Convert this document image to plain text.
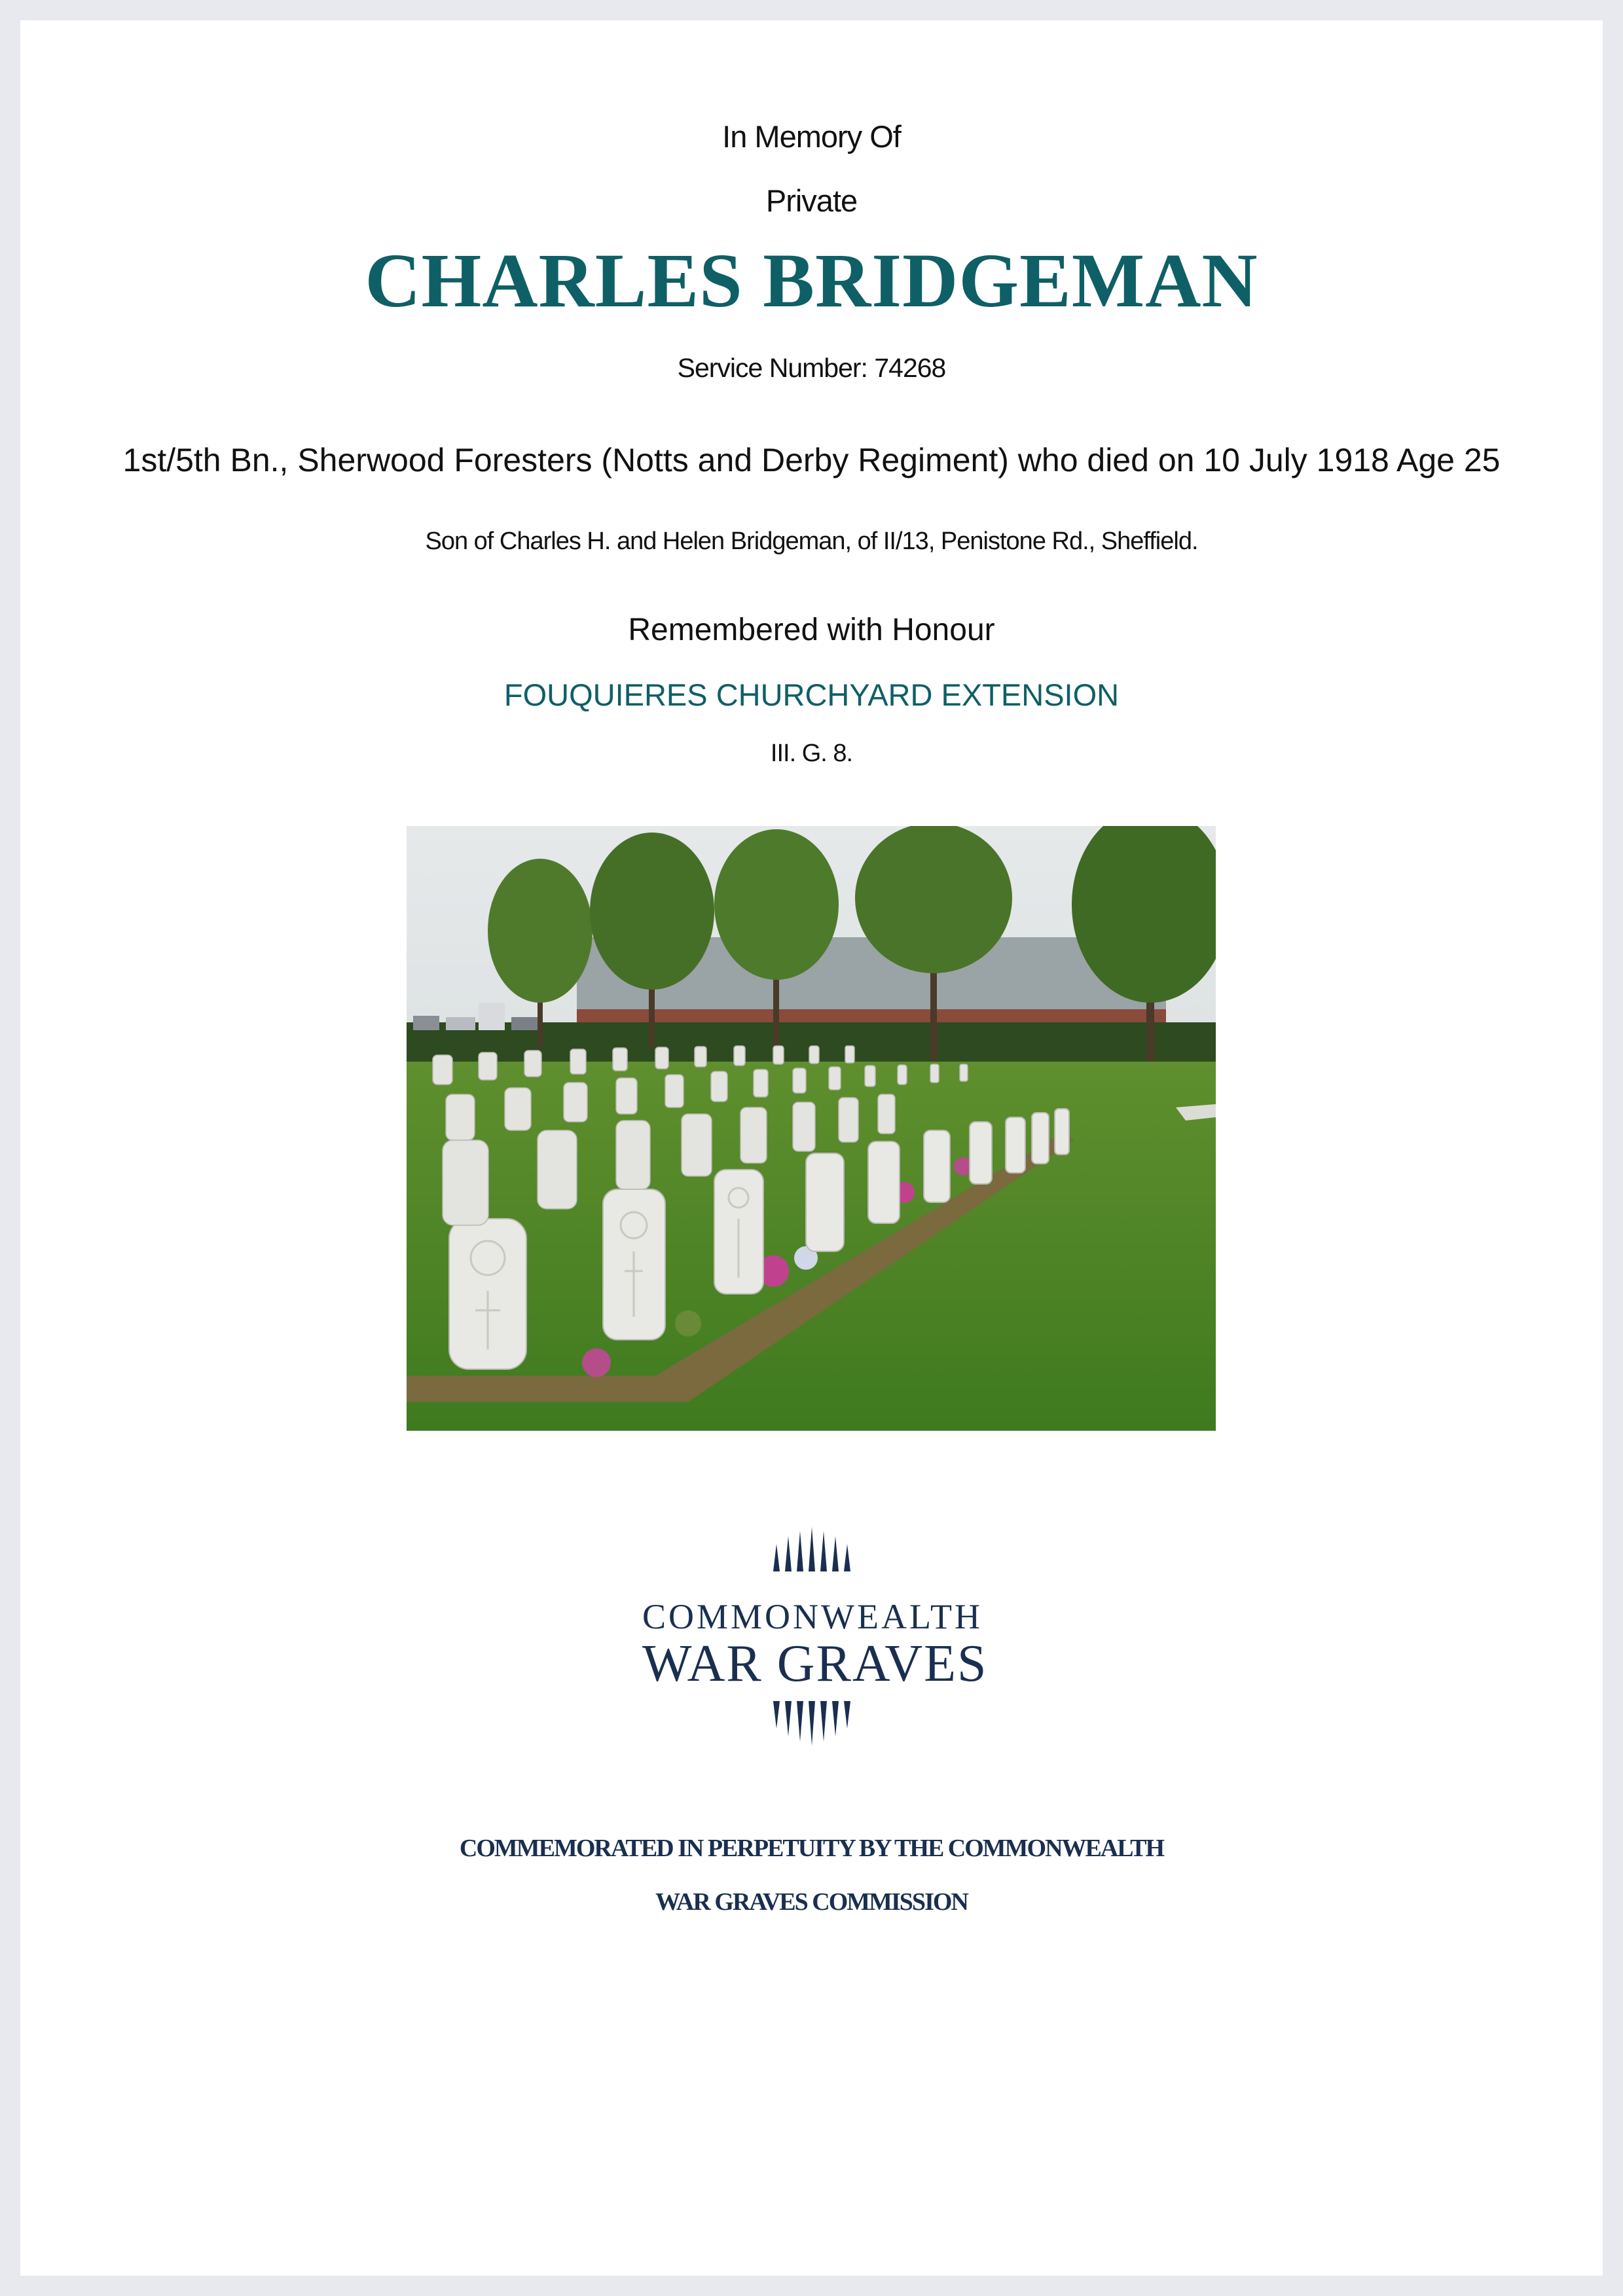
In Memory Of
Private
CHARLES BRIDGEMAN
Service Number: 74268
1st/5th Bn., Sherwood Foresters (Notts and Derby Regiment) who died on 10 July 1918 Age 25
Son of Charles H. and Helen Bridgeman, of II/13, Penistone Rd., Sheffield.
Remembered with Honour
FOUQUIERES CHURCHYARD EXTENSION
III. G. 8.
COMMONWEALTH
WAR GRAVES
COMMEMORATED IN PERPETUITY BY THE COMMONWEALTH
WAR GRAVES COMMISSION
